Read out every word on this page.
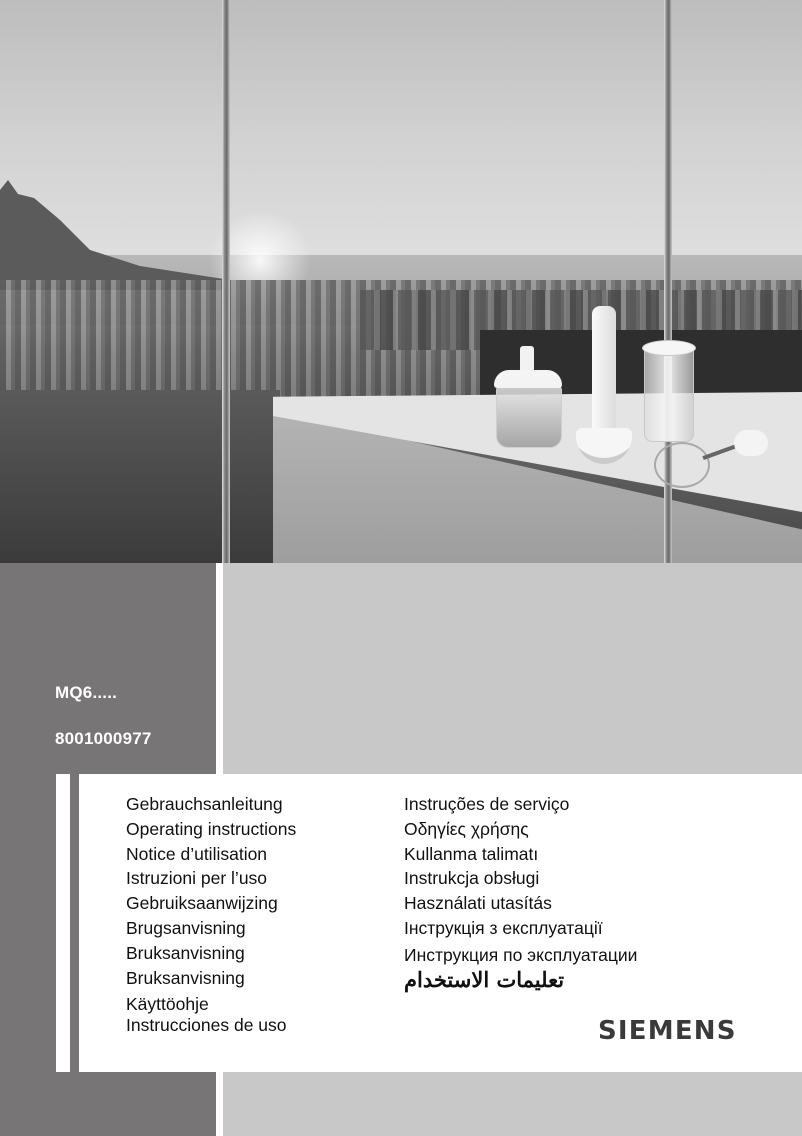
MQ6.....
8001000977
Gebrauchsanleitung
Operating instructions
Notice d’utilisation
Istruzioni per l’uso
Gebruiksaanwijzing
Brugsanvisning
Bruksanvisning
Bruksanvisning
Käyttöohje
Instrucciones de uso
Instruções de serviço
Οδηγίες χρήσης
Kullanma talimatı
Instrukcja obsługi
Használati utasítás
Інструкція з експлуатації
Инструкция по эксплуатации
تعليمات الاستخدام
SIEMENS
